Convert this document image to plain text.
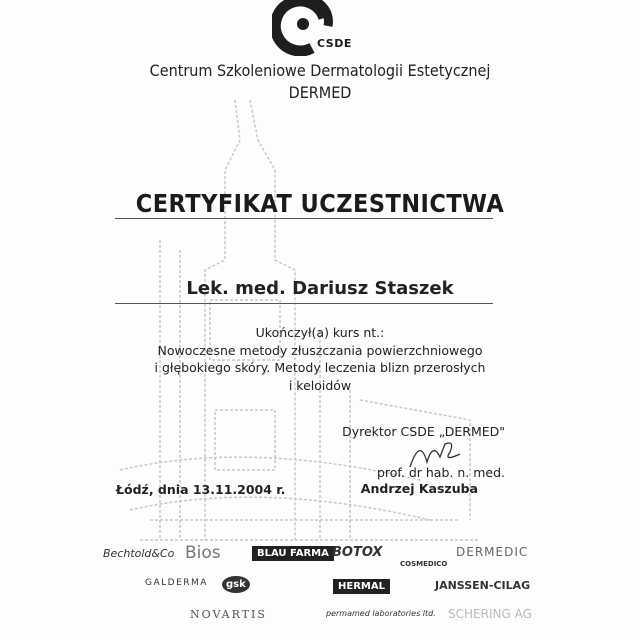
CSDE
Centrum Szkoleniowe Dermatologii Estetycznej
DERMED
CERTYFIKAT UCZESTNICTWA
Lek. med. Dariusz Staszek
Ukończył(a) kurs nt.:
Nowoczesne metody złuszczania powierzchniowego
i głębokiego skóry. Metody leczenia blizn przerosłych
i keloidów
Dyrektor CSDE „DERMED"
prof. dr hab. n. med.
Andrzej Kaszuba
Łódź, dnia 13.11.2004 r.
Bechtold&Co Bios	BLAU FARMA BOTOX
COSMEDICO
DERMEDIC
GALDERMA	gsk	HERMAL	JANSSEN-CILAG
NOVARTIS	permamed laboratories ltd. SCHERING AG
